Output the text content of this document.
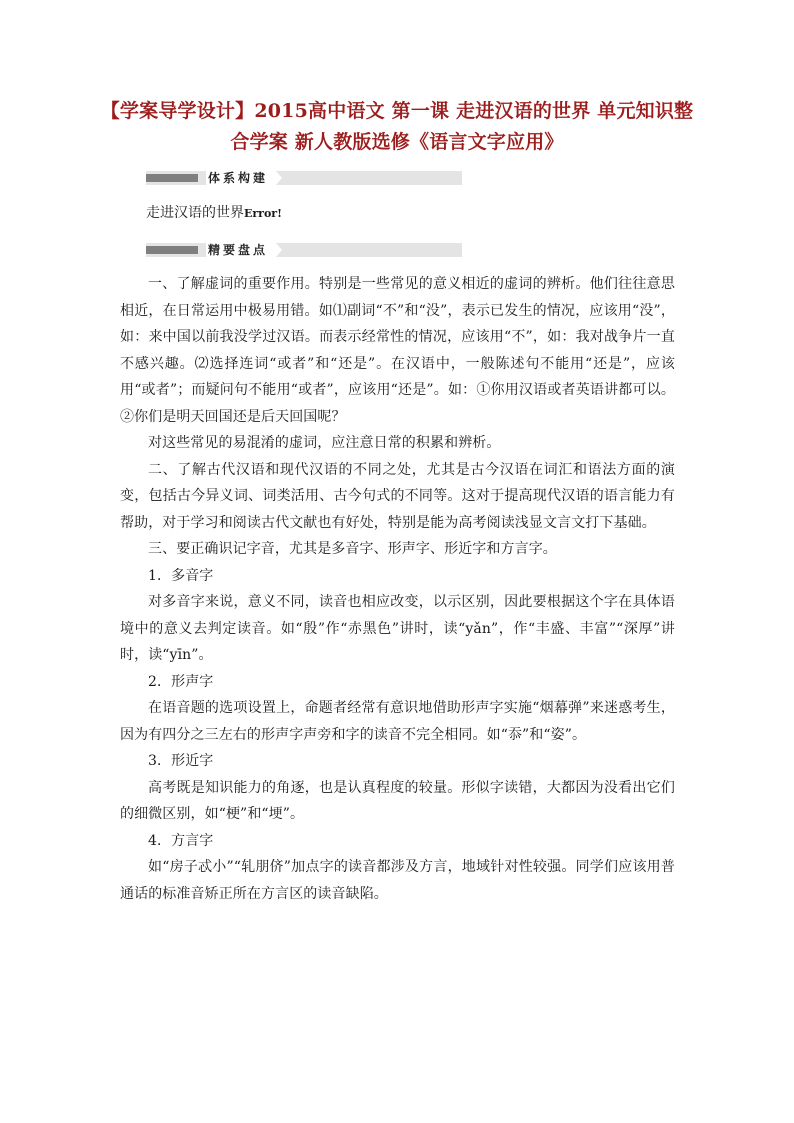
【学案导学设计】2015高中语文 第一课 走进汉语的世界 单元知识整合学案 新人教版选修《语言文字应用》
体系构建
走进汉语的世界Error!
精要盘点

一、了解虚词的重要作用。特别是一些常见的意义相近的虚词的辨析。他们往往意思相近，在日常运用中极易用错。如⑴副词“不”和“没”，表示已发生的情况，应该用“没”，如：来中国以前我没学过汉语。而表示经常性的情况，应该用“不”，如：我对战争片一直不感兴趣。⑵选择连词“或者”和“还是”。在汉语中，一般陈述句不能用“还是”，应该用“或者”；而疑问句不能用“或者”，应该用“还是”。如：①你用汉语或者英语讲都可以。②你们是明天回国还是后天回国呢？

对这些常见的易混淆的虚词，应注意日常的积累和辨析。

二、了解古代汉语和现代汉语的不同之处，尤其是古今汉语在词汇和语法方面的演变，包括古今异义词、词类活用、古今句式的不同等。这对于提高现代汉语的语言能力有帮助，对于学习和阅读古代文献也有好处，特别是能为高考阅读浅显文言文打下基础。

三、要正确识记字音，尤其是多音字、形声字、形近字和方言字。

1．多音字

对多音字来说，意义不同，读音也相应改变，以示区别，因此要根据这个字在具体语境中的意义去判定读音。如“殷”作“赤黑色”讲时，读“yǎn”，作“丰盛、丰富”“深厚”讲时，读“yīn”。

2．形声字

在语音题的选项设置上，命题者经常有意识地借助形声字实施“烟幕弹”来迷惑考生，因为有四分之三左右的形声字声旁和字的读音不完全相同。如“忝”和“姿”。

3．形近字

高考既是知识能力的角逐，也是认真程度的较量。形似字读错，大都因为没看出它们的细微区别，如“梗”和“埂”。

4．方言字

如“房子忒小”“轧朋侪”加点字的读音都涉及方言，地域针对性较强。同学们应该用普通话的标准音矫正所在方言区的读音缺陷。
